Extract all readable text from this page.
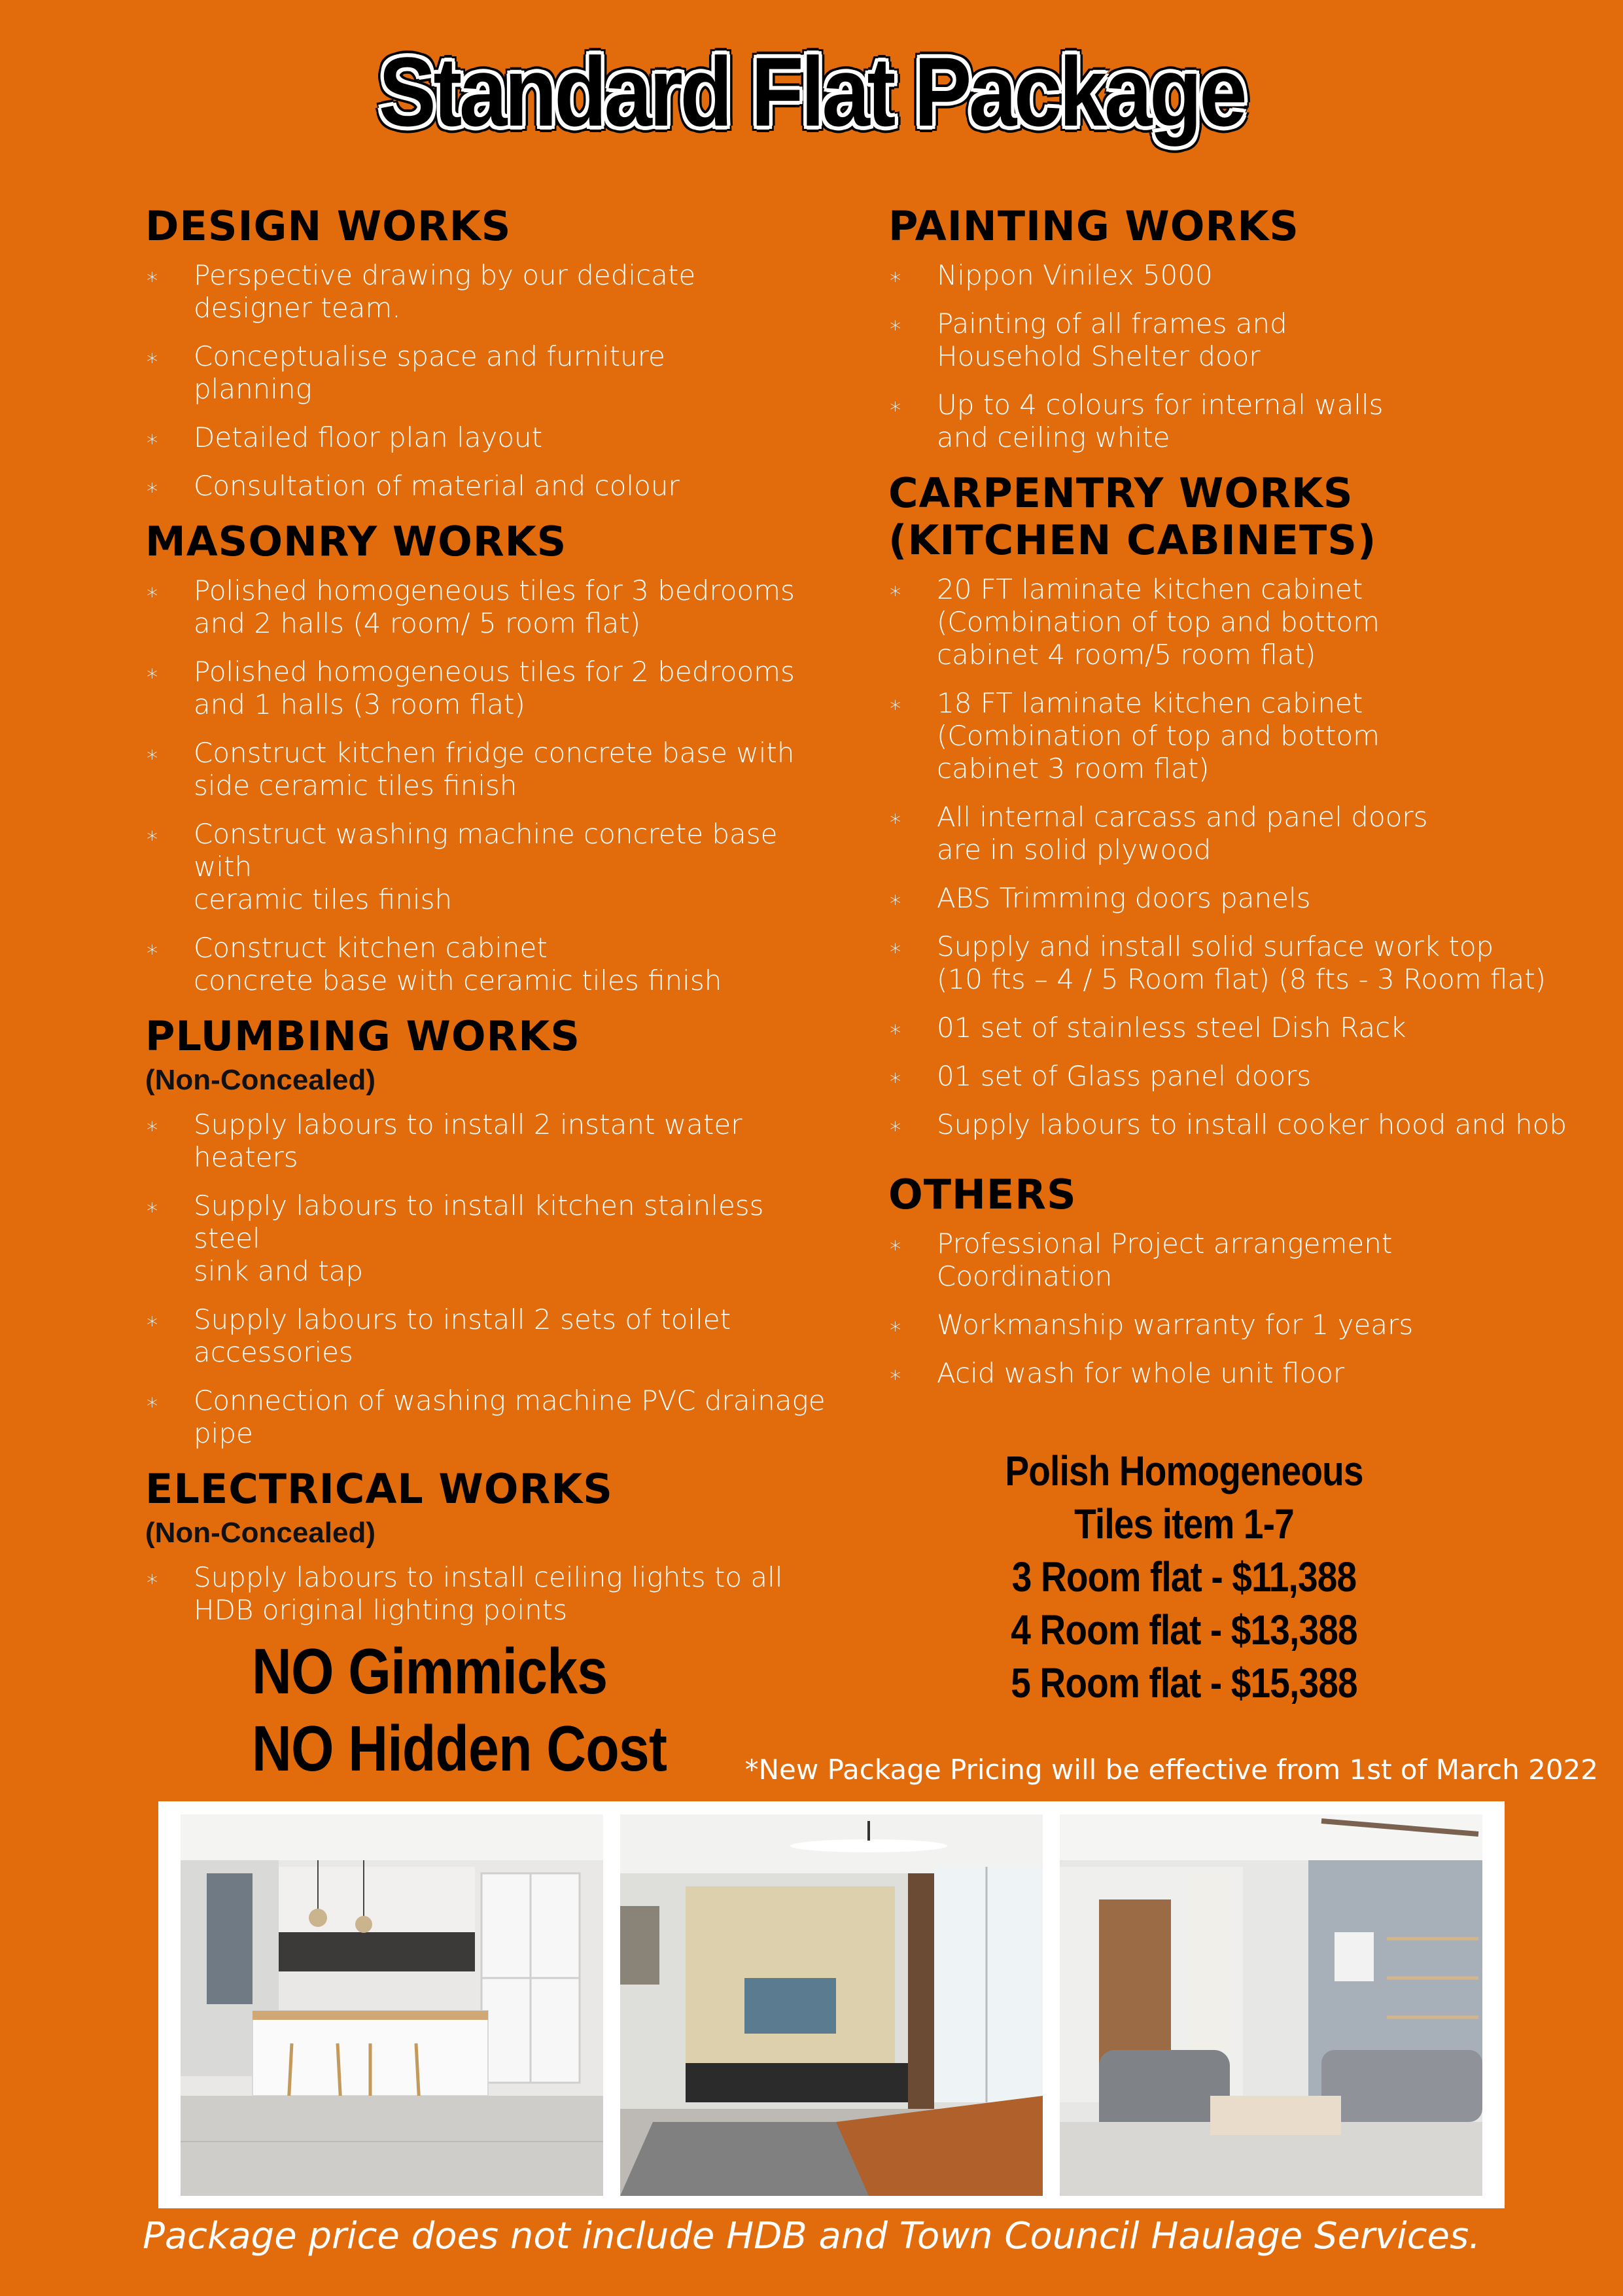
Standard Flat Package
DESIGN WORKS
∗ Perspective drawing by our dedicate
designer team.
∗ Conceptualise space and furniture
planning
∗ Detailed floor plan layout
∗ Consultation of material and colour
MASONRY WORKS
∗ Polished homogeneous tiles for 3 bedrooms
and 2 halls (4 room/ 5 room flat)
∗ Polished homogeneous tiles for 2 bedrooms
and 1 halls (3 room flat)
∗ Construct kitchen fridge concrete base with
side ceramic tiles finish
∗ Construct washing machine concrete base with
ceramic tiles finish
∗ Construct kitchen cabinet
concrete base with ceramic tiles finish
PLUMBING WORKS
(Non-Concealed)
∗ Supply labours to install 2 instant water heaters
∗ Supply labours to install kitchen stainless steel
sink and tap
∗ Supply labours to install 2 sets of toilet
accessories
∗ Connection of washing machine PVC drainage
pipe
ELECTRICAL WORKS
(Non-Concealed)
∗ Supply labours to install ceiling lights to all
HDB original lighting points
PAINTING WORKS
∗ Nippon Vinilex 5000
∗ Painting of all frames and
Household Shelter door
∗ Up to 4 colours for internal walls
and ceiling white
CARPENTRY WORKS
(KITCHEN CABINETS)
∗ 20 FT laminate kitchen cabinet
(Combination of top and bottom
cabinet 4 room/5 room flat)
∗ 18 FT laminate kitchen cabinet
(Combination of top and bottom
cabinet 3 room flat)
∗ All internal carcass and panel doors
are in solid plywood
∗ ABS Trimming doors panels
∗ Supply and install solid surface work top
(10 fts – 4 / 5 Room flat) (8 fts - 3 Room flat)
∗ 01 set of stainless steel Dish Rack
∗ 01 set of Glass panel doors
∗ Supply labours to install cooker hood and hob
OTHERS
∗ Professional Project arrangement
Coordination
∗ Workmanship warranty for 1 years
∗ Acid wash for whole unit floor
NO Gimmicks
NO Hidden Cost
Polish Homogeneous
Tiles item 1-7
3 Room flat - $11,388
4 Room flat - $13,388
5 Room flat - $15,388
*New Package Pricing will be effective from 1st of March 2022
Package price does not include HDB and Town Council Haulage Services.
